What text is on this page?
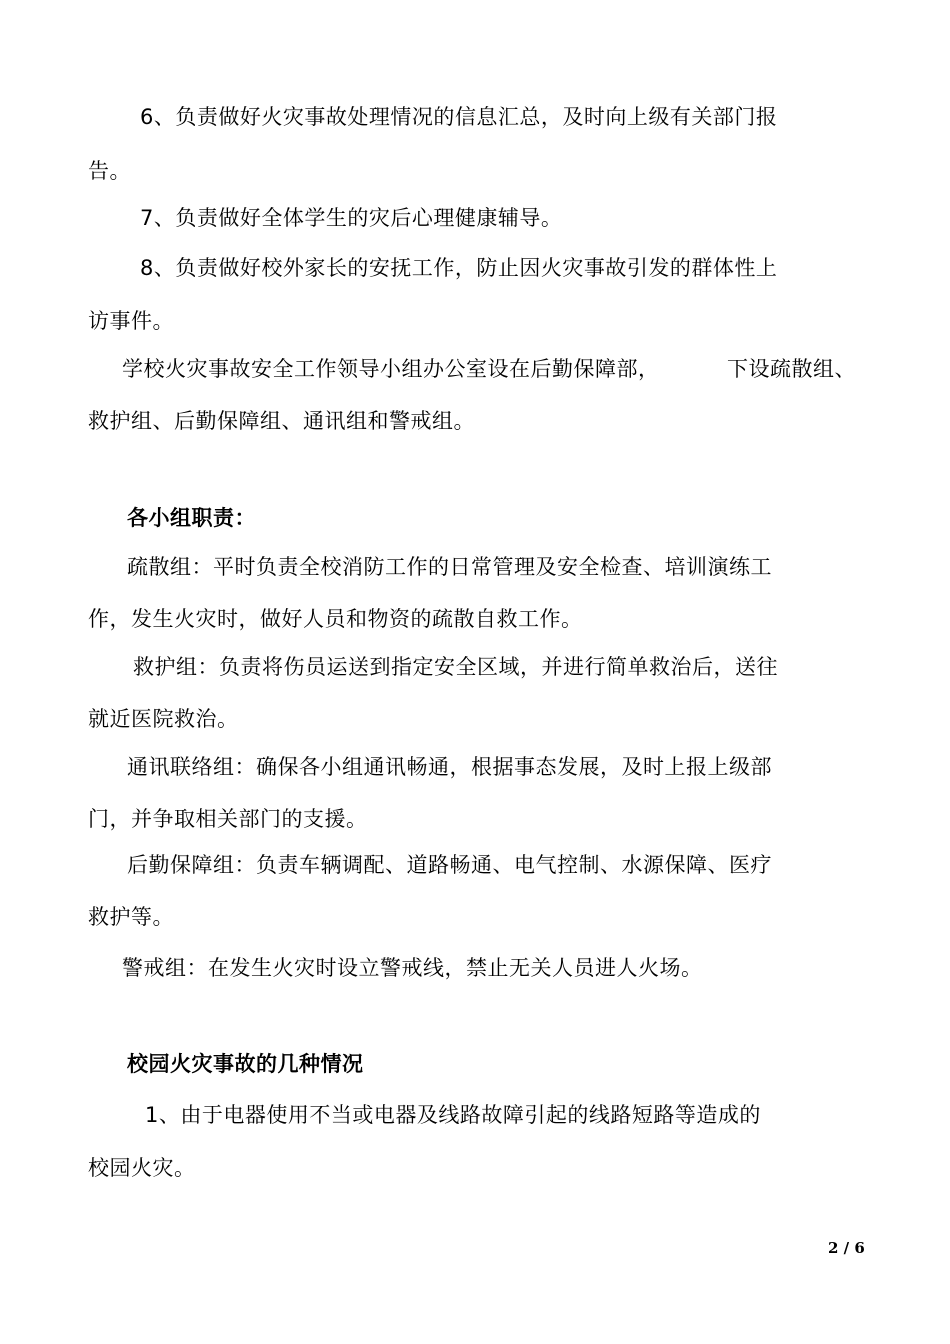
6、负责做好火灾事故处理情况的信息汇总，及时向上级有关部门报
告。
7、负责做好全体学生的灾后心理健康辅导。
8、负责做好校外家长的安抚工作，防止因火灾事故引发的群体性上
访事件。
学校火灾事故安全工作领导小组办公室设在后勤保障部，	下设疏散组、
救护组、后勤保障组、通讯组和警戒组。
各小组职责：
疏散组：平时负责全校消防工作的日常管理及安全检查、培训演练工
作，发生火灾时，做好人员和物资的疏散自救工作。
救护组：负责将伤员运送到指定安全区域，并进行简单救治后，送往
就近医院救治。
通讯联络组：确保各小组通讯畅通，根据事态发展，及时上报上级部
门，并争取相关部门的支援。
后勤保障组：负责车辆调配、道路畅通、电气控制、水源保障、医疗
救护等。
警戒组：在发生火灾时设立警戒线，禁止无关人员进人火场。
校园火灾事故的几种情况
1、由于电器使用不当或电器及线路故障引起的线路短路等造成的
校园火灾。
2 / 6
